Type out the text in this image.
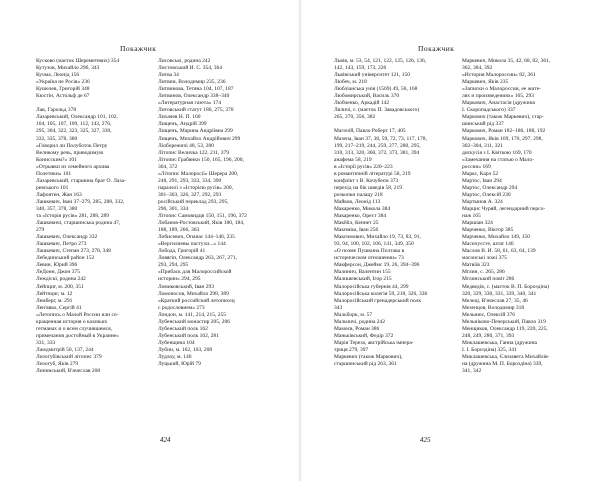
Покажчик
Кусково (маєток Шереметевих) 354
Кутузов, Михайло 296, 343
Кучма, Леонід 156
«Україна не Росія» 236
Кушелев, Григорій 348
Кюстін, Астольф де 67

Лав, Гарольд 378
Лазаревський, Олександр 101, 102,
104, 105, 107, 109, 112, 143, 276,
295, 304, 322, 323, 325, 327, 330,
332, 335, 378, 380
«Говорил ли Полуботок Петру
Великому речь, приводимую
Конисским?» 101
«Отрывки из семейного архива
Полетики» 101
Лазаревський, старшина брат О. Лаза-
ревського 101
Лафонтен, Жан 163
Лашкевич, Іван 37–279, 285, 288, 332,
340, 357, 378, 380
та «Історія русів» 281, 288, 289
Лашкевичі, старшинська родина 47,
279
Лашкевич, Олександр 332
Лашкевич, Петро 273
Лашкевич, Степан 273, 278, 348
Лебединський район 152
Левин, Юрий 396
ЛеДонн, Джон 375
Леждіскі, родина 242
Лейпциг, м. 200, 351
Лейтпциг, м. 12
Лемберг, м. 291
Лен'явко, Сергій 41
«Летопись о Малой России или со-
кращенная история о казачьих
гетманах и о всем случившемся,
примечания достойный в Украине»
331, 333
Лжедмитрій 50, 137, 244
Лизогубівський літопис 379
Лизогуб, Яків 279
Липинський, В'ячеслав 208
Лисовські, родина 242
Листовський И. С. 354, 364
Литва 34
Литвин, Володимир 235, 236
Литвинова, Тетяна 104, 107, 187
Литвинов, Олександр 338–340
«Литературная газета» 174
Литовський статут 186, 275, 370
Лихачев Н. П. 160
Лищенъ, Андрій 399
Лищенъ, Марина Андріївна 299
Лищенъ, Михайло Андрійович 299
Ліоборежичі 48, 53, 280
Літопис Величка 122, 211, 379
Літопис Грабянки 150, 165, 196, 200,
364, 372
«Літопис Малоросії» Шерера 200,
248, 291, 293, 333, 334, 390
паралелі з «Історією русів» 200,
301–303, 326, 327, 292, 293
російський переклад 293, 295,
296, 301, 334
Літопис Самовидця 150, 151, 196, 372
Лобанов-Ростовський, Яків 180, 184,
188, 189, 266, 363
Лобисевич, Опанас 144–146, 235
«Вергилиевы пастухи...» 144
Лобода, Григорій 41
Ловягін, Олександр 263, 267, 271,
293, 294, 295
«Прибаск для Малороссийской
истории» 294, 295
Ломиковський, Іван 293
Ломоносов, Михайло 298, 389
«Краткий российский летописец
с родословием» 273
Лондон, м. 141, 214, 215, 255
Лубенський монастир 205, 206
Лубенський полк 162
Лубенський полк 102, 281
Лубенщина 104
Лубни, м. 162, 163, 208
Лудлоу, м. 146
Луцький, Юрій 79
424
Покажчик
Львів, м. 53, 54, 121, 122, 125, 126, 136,
142, 143, 159, 173, 226
Львівський університет 121, 150
Любеч, м. 218
Любліанська унія (1569) 49, 56, 168
Любомирський, Василь 370
Любченко, Аркадій 142
Ляличі, с. (маєток П. Завадовського)
265, 270, 356, 382

Магочій, Павло Роберт 17, 405
Мазепа, Іван 37, 38, 59, 72, 73, 117, 178,
199, 217–219, 244, 259, 277, 280, 295,
310, 313, 320, 360, 372, 373, 381, 394
анафема 58, 219
в «Історії русів» 220–223
в романтичній літературі 58, 219
конфлікт з В. Кочубеєм 373
перехід на бік шведів 58, 219
розкопки палацу 218
Майков, Леонід 113
Макаренко, Микола 384
Макаренко, Орест 384
МакНіл, Кеннет 25
Макнміш, Іван 256
Максимович, Михайло 19, 73, 83, 91,
93, 94, 100, 102, 106, 141, 349, 350
«О поэме Пушкина Полтава в
историческом отношении» 73
Макферсон, Джеймс 19, 26, 394–396
Малинич, Валентин 155
Малишевський, Ігор 215
Малоросійська губернія 44, 299
Малоросійська колегія 59, 218, 326, 336
Малоросійський гренадерський полк
343
Мальборк, м. 57
Мальчичі, родина 242
Мамоєв, Роман 386
Маньківський, Федір 372
Марія Тереза, австрійська імпера-
триця 279, 397
Маркевич (також Маркович),
старшинський рід 263, 361
Маркевич, Микола 35, 42, 68, 82, 361,
362, 384, 392
«История Малороссии» 82, 361
Маркевич, Яків 235
«Записки о Малороссии, ее жите-
лях и произведениях» 165, 293
Маркович, Анастасія (дружина
І. Скоропадського) 337
Маркович (також Маркевич), стар-
шинський рід 337
Маркович, Роман 182–186, 188, 192
Маркович, Яків 169, 170, 297, 298,
302–304, 311, 321
дискусія з І. Квіткою 169, 170
«Замечания на статью о Мало-
россии» 169
Маркс, Карл 52
Мартос, Іван 294
Мартос, Олександр 294
Мартос, Олексій 230
Мартынов А. 324
Марцис Чуряй, легендарний персо-
наж 165
Маршіан 324
Марченко, Віктор 385
Марченко, Михайло 149, 150
Масичуєсте, штат 146
Маслов В. И. 58, 61, 63, 64, 139
масонські ложі 375
Матвіїв 323
Мглин, с. 265, 286
Мглинський повіт 286
Медведів, с. (маєток В. П. Бороздіна)
320, 329, 330, 331, 339, 340, 341
Мелеці, В'ячеслав 27, 35, 46
Мезенцов, Володимир 318
Мельнюс, Олексій 376
Мельніково-Печерський, Павло 319
Менщиков, Олександр 119, 220, 225,
248, 249, 280, 371, 393
Миклашевська, Ганна (дружина
І. І. Бороздіна) 325, 341
Миклашевська, Єлизавета Михайлів-
на (дружина М. П. Бороздіна) 339,
341, 342
425
